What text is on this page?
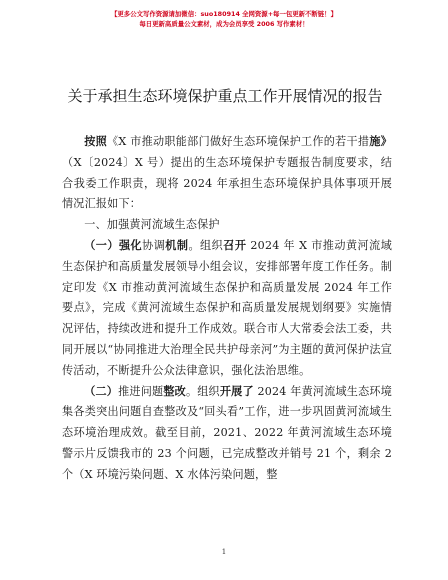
【更多公文写作资源请加微信：suo180914 全网资源+每一包更新不断链！】
每日更新高质量公文素材，成为会员享受 2006 写作素材！
关于承担生态环境保护重点工作开展情况的报告

按照《X 市推动职能部门做好生态环境保护工作的若干措施》（X〔2024〕X 号）提出的生态环境保护专题报告制度要求，结合我委工作职责，现将 2024 年承担生态环境保护具体事项开展情况汇报如下：

一、加强黄河流域生态保护

（一）强化协调机制。组织召开 2024 年 X 市推动黄河流域生态保护和高质量发展领导小组会议，安排部署年度工作任务。制定印发《X 市推动黄河流域生态保护和高质量发展 2024 年工作要点》，完成《黄河流域生态保护和高质量发展规划纲要》实施情况评估，持续改进和提升工作成效。联合市人大常委会法工委，共同开展以“协同推进大治理全民共护母亲河”为主题的黄河保护法宣传活动，不断提升公众法律意识，强化法治思维。

（二）推进问题整改。组织开展了 2024 年黄河流域生态环境集各类突出问题自查整改及“回头看”工作，进一步巩固黄河流域生态环境治理成效。截至目前，2021、2022 年黄河流域生态环境警示片反馈我市的 23 个问题，已完成整改并销号 21 个，剩余 2 个（X 环境污染问题、X 水体污染问题，整

1
